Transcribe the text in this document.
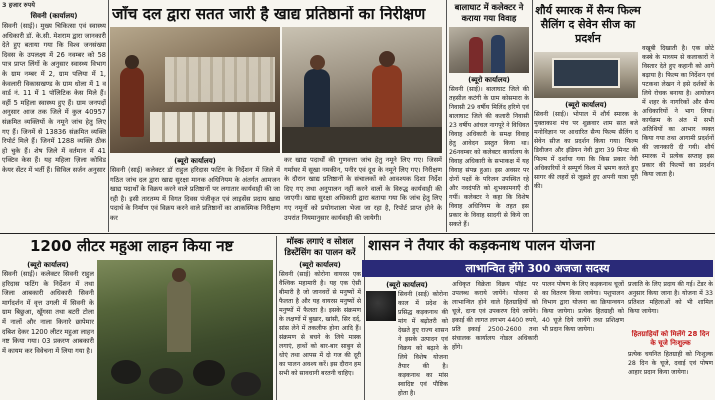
3 हजार रुपये
सिवनी (कार्यालय)
सिवनी (साई)। मुख्य चिकित्सा एवं स्वास्थ्य अधिकारी डॉ. के.सी. मेशराम द्वारा जानकारी देते हुए बताया गया कि विश्व जनसंख्या दिवस के उपलक्ष्य में 26 नवम्बर को 58 पात्र प्राप्त लिंगों के अनुसार स्वास्थ्य विभाग के ग्राम नम्बर में 2, ग्राम पलिया में 1, केवलारी विकासखण्ड के ग्राम धोला में 1 व वार्ड नं. 11 में 1 पॉलिटिक केस मिले हैं। वहीं 5 महिला स्वास्थ्य हुए हैं। ग्राम जनपदों अनुसार आज तक जिले में कुल 40957 संक्रमित व्यक्तियों के नमूने जांच हेतु लिए गए हैं। जिनमें से 13836 संक्रमित व्यक्ति रिपोर्ट मिले हैं। जिनमें 1288 व्यक्ति ठीक हो चुके हैं। शेष जिले में वर्तमान में 41 एक्टिव केस हैं। यह महिला ज़िला कोविड केयर सेंटर में भर्ती हैं। सिविल सर्जन अनुसार
जाँच दल द्वारा सतत जारी है खाद्य प्रतिष्ठानों का निरीक्षण
(ब्यूरो कार्यालय)
सिवनी (साई) कलेक्टर डॉ राहुल हरिदास फटिंग के निर्देशन में जिले में गठित जांच दल द्वारा खाद्य सुरक्षा मानक अधिनियम के अंतर्गत आमजन खाद्य पदार्थों के विक्रय करने वाले प्रतिष्ठानों पर लगातार कार्यवाही की जा रही है। इसी तारतम्य में विगत दिवस पंजीकृत एवं लाइसेंस प्रदाय खाद्य पदार्थ के निर्माण एवं विक्रय करने वाले प्रतिष्ठानों का आकस्मिक निरीक्षण कर
कर खाद्य पदार्थों की गुणवत्ता जांच हेतु नमूने लिए गए। जिसमें गर्माघर में सूखा नमकीन, पनीर एवं दूध के नमूने लिए गए। निरीक्षण के दौरान खाद्य प्रतिष्ठानों के संचालकों को आवश्यक दिशा निर्देश दिए गए तथा अनुपालन नहीं करने वालों के विरुद्ध कार्यवाही की जाएगी। खाद्य सुरक्षा अधिकारी द्वारा बताया गया कि जांच हेतु लिए गए नमूनों को प्रयोगशाला भेजा जा रहा है, रिपोर्ट प्राप्त होने के उपरांत नियमानुसार कार्यवाही की जायेगी।
बालाघाट में कलेक्टर ने कराया गया विवाह
(ब्यूरो कार्यालय)
सिवनी (साई)। बालाघाट जिले की तहसील कटंगी के ग्राम कोसमारा के निवासी 29 वर्षीय मिलिंद हरिणे एवं बालाघाट जिले की कलारी निवासी 23 वर्षीय आंचल नागपूरे ने विधिवत विवाह अधिकारी के समक्ष विवाह हेतु आवेदन प्रस्तुत किया था। 26नवम्बर को कलेक्टर कार्यालय के विवाह अधिकारी के सभाकक्ष में यह विवाह संपन्न हुआ। इस अवसर पर दोनों पक्षों के परिजन उपस्थित रहे और नवदंपति को शुभकामनाएँ दी गयीं। कलेक्टर ने कहा कि विशेष विवाह अधिनियम के तहत इस प्रकार के विवाह सादगी से किये जा सकते हैं।
शौर्य स्मारक में सैन्य फिल्म सैलिंग द सेवेन सीज का प्रदर्शन
(ब्यूरो कार्यालय)
सिवनी (साई)। भोपाल में शौर्य स्मारक के मुक्ताकाश मंच पर शुक्रवार शाम सात बजे मनोविज्ञान पर आधारित सैन्य फिल्म सैलिंग द सेवेन सीज का प्रदर्शन किया गया। फिल्म डिवीजन और इंडियन नेवी द्वारा 39 मिनट की फिल्म में दर्शाया गया कि किस प्रकार नेवी अधिकारियों ने सम्पूर्ण विश्व में भ्रमण करते हुए सागर की लहरों से जूझते हुए अपनी यात्रा पूरी की।
वखूबी दिखाती है। एक छोटे कस्बे के माध्यम से कलाकारों ने विस्तार देते हुए कहानी को आगे बढ़ाया है। फिल्म का निर्देशन एवं पटकथा लेखन ने इसे दर्शकों के लिये रोचक बनाया है। आयोजन में शहर के नागरिकों और सैन्य अधिकारियों ने भाग लिया। कार्यक्रम के अंत में सभी अतिथियों का आभार व्यक्त किया गया तथा आगामी प्रदर्शनों की जानकारी दी गयी। शौर्य स्मारक में प्रत्येक सप्ताह इस प्रकार की फिल्मों का प्रदर्शन किया जाता है।
1200 लीटर महुआ लाहन किया नष्ट
(ब्यूरो कार्यालय)
सिवनी (साई)। कलेक्टर सिवनी राहुल हरिदास फटिंग के निर्देशन में तथा जिला आबकारी अधिकारी सिवनी मार्गदर्शन में वृत्त उगली में सिवनी के ग्राम बिछुआ, खूँगसा तथा बटरी टोला में नालों और नाला किनारे छापेमार दबिश देकर 1200 लीटर महुआ लाहन नष्ट किया गया। 03 प्रकरण आबकारी में कायम कर विवेचना में लिया गया है।
मॉस्क लगाएं व सोशल डिस्टेंसिंग का पालन करें
(ब्यूरो कार्यालय)
सिवनी (साई) कोरोना वायरस एक वैश्विक महामारी है। यह एक ऐसी बीमारी है जो जानवरों से मनुष्यों में फैलता है और यह वायरस मनुष्यों से मनुष्यों में फैलता है। इसके संक्रमण के लक्षणों में बुखार, खांसी, सिर दर्द, सांस लेने में तकलीफ होना आदि हैं। संक्रमण से बचने के लिये मास्क लगाएं, हाथों को बार-बार साबुन से धोएं तथा आपस में दो गज की दूरी का पालन अवश्य करें। इस दौरान हम सभी को सावधानी बरतनी चाहिए।
शासन ने तैयार की कड़कनाथ पालन योजना
लाभान्वित होंगे 300 अजजा सदस्य
(ब्यूरो कार्यालय)
सिवनी (साई) कोरोना काल में प्रदेश के प्रसिद्ध कड़कनाथ की मांग में बढ़ोतरी को देखते हुए राज्य शासन ने इसके उत्पादन एवं विक्रय को बढ़ाने के लिये विशेष योजना तैयार की है। कड़कनाथ का मांस स्वादिष्ट एवं पौष्टिक होता है।
अधिकृत विक्रेता विक्रय पॉइंट पर उपलब्ध कराये जायेंगे। योजना से लाभान्वित होने वाले हितग्राहियों को चूजे, दाना एवं उपकरण दिये जायेंगे। इकाई की लागत लगभग 4400 रुपये, प्रति इकाई 2500-2600 तथा संचालक कार्यालय नोडल अधिकारी होंगे।
पालन पोषण के लिए कड़कनाथ चूजों का वितरण किया जायेगा। पशुपालन विभाग द्वारा योजना का क्रियान्वयन किया जायेगा। प्रत्येक हितग्राही को 40 चूजे दिये जायेंगे तथा प्रशिक्षण भी प्रदान किया जायेगा।
प्रजाति के लिए प्रदाय की गई। टेंडर के अनुसार किया जाना है। योजना में 33 प्रतिशत महिलाओं को भी शामिल किया जायेगा।
हितग्राहियों को मिलेंगे 28 दिन के चूजे निःशुल्क
प्रत्येक चयनित हितग्राही को निःशुल्क 28 दिन के चूजे, दवाई एवं पोषण आहार प्रदान किया जायेगा।
